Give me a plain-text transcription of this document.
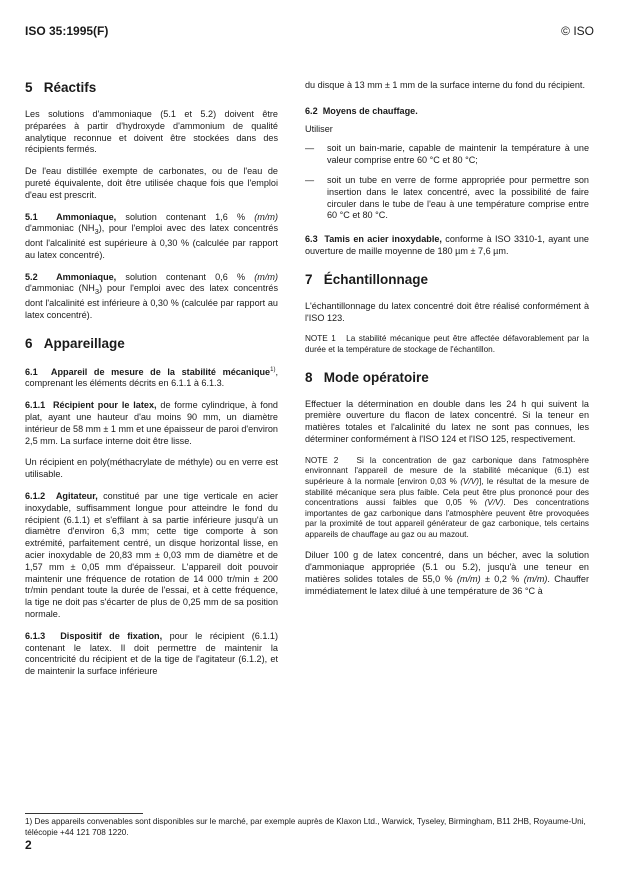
ISO 35:1995(F)	© ISO
5 Réactifs

Les solutions d'ammoniaque (5.1 et 5.2) doivent être préparées à partir d'hydroxyde d'ammonium de qualité analytique reconnue et doivent être stockées dans des récipients fermés.

De l'eau distillée exempte de carbonates, ou de l'eau de pureté équivalente, doit être utilisée chaque fois que l'emploi d'eau est prescrit.

5.1 Ammoniaque, solution contenant 1,6 % (m/m) d'ammoniac $(NH_3)$, pour l'emploi avec des latex concentrés dont l'alcalinité est supérieure à 0,30 % (calculée par rapport au latex concentré).

5.2 Ammoniaque, solution contenant 0,6 % (m/m) d'ammoniac $(NH_3)$ pour l'emploi avec des latex concentrés dont l'alcalinité est inférieure à 0,30 % (calculée par rapport au latex concentré).

6 Appareillage

6.1 Appareil de mesure de la stabilité mécanique$^{1)}$, comprenant les éléments décrits en 6.1.1 à 6.1.3.

6.1.1 Récipient pour le latex, de forme cylindrique, à fond plat, ayant une hauteur d'au moins 90 mm, un diamètre intérieur de 58 mm ± 1 mm et une épaisseur de paroi d'environ 2,5 mm. La surface interne doit être lisse.

Un récipient en poly(méthacrylate de méthyle) ou en verre est utilisable.

6.1.2 Agitateur, constitué par une tige verticale en acier inoxydable, suffisamment longue pour atteindre le fond du récipient (6.1.1) et s'effilant à sa partie inférieure jusqu'à un diamètre d'environ 6,3 mm; cette tige comporte à son extrémité, parfaitement centré, un disque horizontal lisse, en acier inoxydable de 20,83 mm ± 0,03 mm de diamètre et de 1,57 mm ± 0,05 mm d'épaisseur. L'appareil doit pouvoir maintenir une fréquence de rotation de 14 000 tr/min ± 200 tr/min pendant toute la durée de l'essai, et à cette fréquence, la tige ne doit pas s'écarter de plus de 0,25 mm de sa position normale.

6.1.3 Dispositif de fixation, pour le récipient (6.1.1) contenant le latex. Il doit permettre de maintenir la concentricité du récipient et de la tige de l'agitateur (6.1.2), et de maintenir la surface inférieure

du disque à 13 mm ± 1 mm de la surface interne du fond du récipient.

6.2 Moyens de chauffage.

Utiliser

—	soit un bain-marie, capable de maintenir la température à une valeur comprise entre 60 °C et 80 °C;
—	soit un tube en verre de forme appropriée pour permettre son insertion dans le latex concentré, avec la possibilité de faire circuler dans le tube de l'eau à une température comprise entre 60 °C et 80 °C.

6.3 Tamis en acier inoxydable, conforme à ISO 3310-1, ayant une ouverture de maille moyenne de 180 µm ± 7,6 µm.

7 Échantillonnage

L'échantillonnage du latex concentré doit être réalisé conformément à l'ISO 123.

NOTE 1 La stabilité mécanique peut être affectée défavorablement par la durée et la température de stockage de l'échantillon.

8 Mode opératoire

Effectuer la détermination en double dans les 24 h qui suivent la première ouverture du flacon de latex concentré. Si la teneur en matières totales et l'alcalinité du latex ne sont pas connues, les déterminer conformément à l'ISO 124 et l'ISO 125, respectivement.

NOTE 2 Si la concentration de gaz carbonique dans l'atmosphère environnant l'appareil de mesure de la stabilité mécanique (6.1) est supérieure à la normale [environ 0,03 % (V/V)], le résultat de la mesure de stabilité mécanique sera plus faible. Cela peut être plus prononcé pour des concentrations aussi faibles que 0,05 % (V/V). Des concentrations importantes de gaz carbonique dans l'atmosphère peuvent être provoquées par la proximité de tout appareil générateur de gaz carbonique, tels certains appareils de chauffage au gaz ou au mazout.

Diluer 100 g de latex concentré, dans un bécher, avec la solution d'ammoniaque appropriée (5.1 ou 5.2), jusqu'à une teneur en matières solides totales de 55,0 % (m/m) ± 0,2 % (m/m). Chauffer immédiatement le latex dilué à une température de 36 °C à

1) Des appareils convenables sont disponibles sur le marché, par exemple auprès de Klaxon Ltd., Warwick, Tyseley, Birmingham, B11 2HB, Royaume-Uni, télécopie +44 121 708 1220.
2
